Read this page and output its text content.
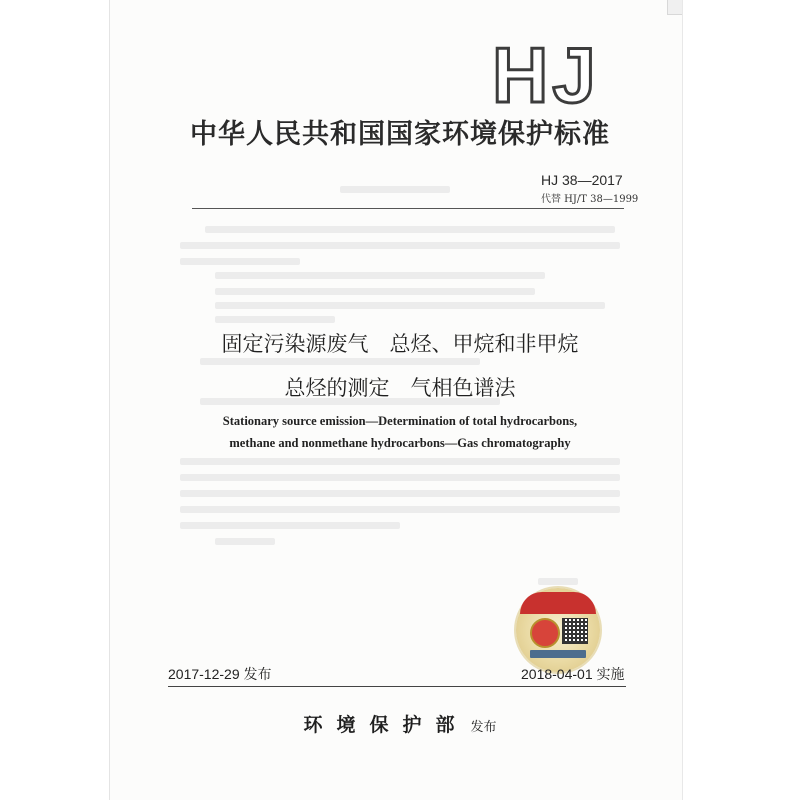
HJ
中华人民共和国国家环境保护标准
HJ 38—2017
代替 HJ/T 38—1999
固定污染源废气　总烃、甲烷和非甲烷
总烃的测定　气相色谱法
Stationary source emission—Determination of total hydrocarbons,
methane and nonmethane hydrocarbons—Gas chromatography
2017-12-29 发布	2018-04-01 实施
环境保护部 发布
